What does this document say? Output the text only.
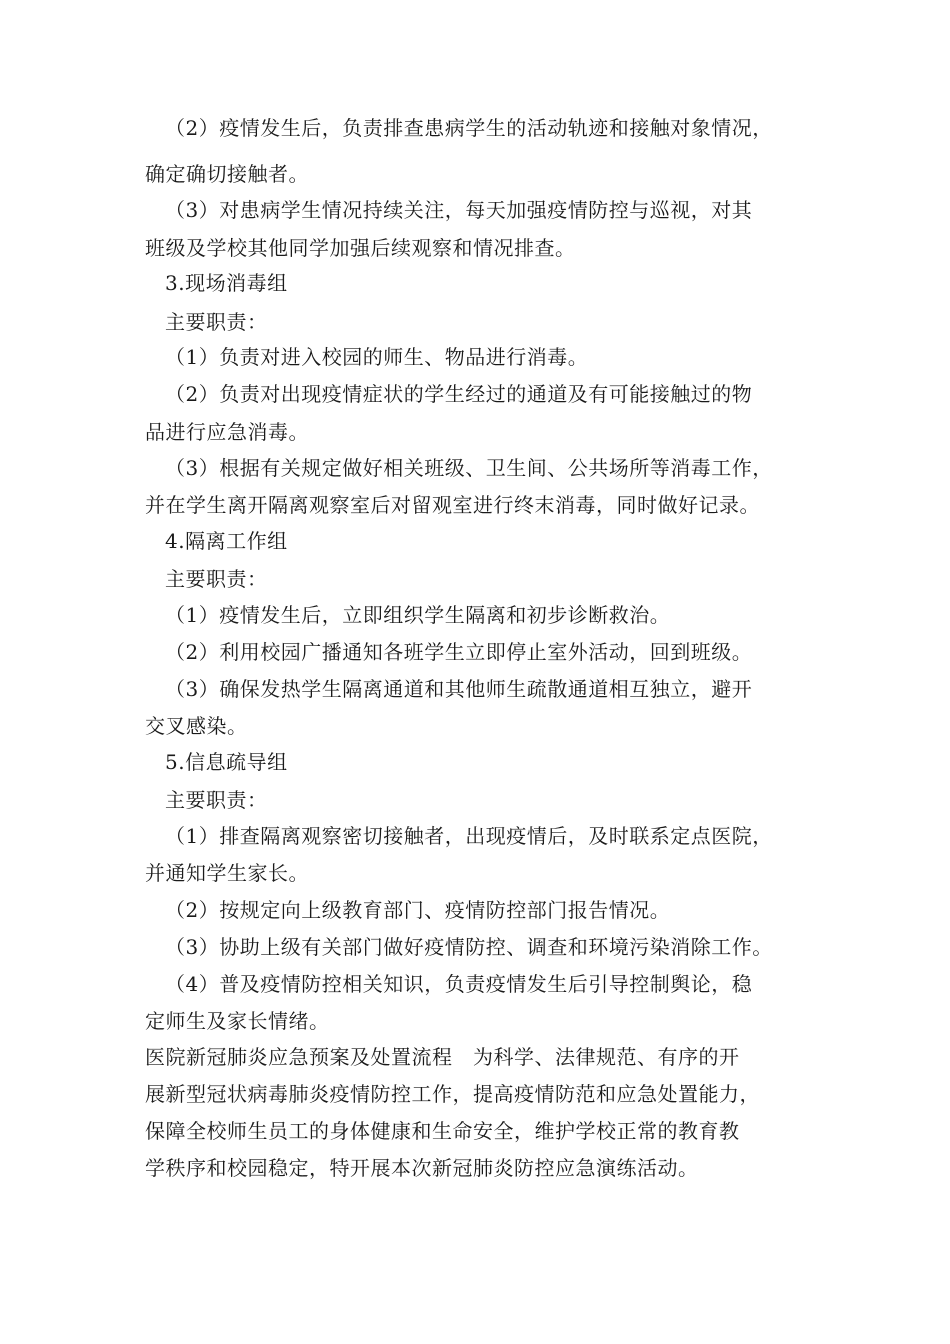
（2）疫情发生后，负责排查患病学生的活动轨迹和接触对象情况，
确定确切接触者。
（3）对患病学生情况持续关注，每天加强疫情防控与巡视，对其
班级及学校其他同学加强后续观察和情况排查。
3.现场消毒组
主要职责：
（1）负责对进入校园的师生、物品进行消毒。
（2）负责对出现疫情症状的学生经过的通道及有可能接触过的物
品进行应急消毒。
（3）根据有关规定做好相关班级、卫生间、公共场所等消毒工作，
并在学生离开隔离观察室后对留观室进行终末消毒，同时做好记录。
4.隔离工作组
主要职责：
（1）疫情发生后，立即组织学生隔离和初步诊断救治。
（2）利用校园广播通知各班学生立即停止室外活动，回到班级。
（3）确保发热学生隔离通道和其他师生疏散通道相互独立，避开
交叉感染。
5.信息疏导组
主要职责：
（1）排查隔离观察密切接触者，出现疫情后，及时联系定点医院，
并通知学生家长。
（2）按规定向上级教育部门、疫情防控部门报告情况。
（3）协助上级有关部门做好疫情防控、调查和环境污染消除工作。
（4）普及疫情防控相关知识，负责疫情发生后引导控制舆论，稳
定师生及家长情绪。
医院新冠肺炎应急预案及处置流程　为科学、法律规范、有序的开
展新型冠状病毒肺炎疫情防控工作，提高疫情防范和应急处置能力，
保障全校师生员工的身体健康和生命安全，维护学校正常的教育教
学秩序和校园稳定，特开展本次新冠肺炎防控应急演练活动。
